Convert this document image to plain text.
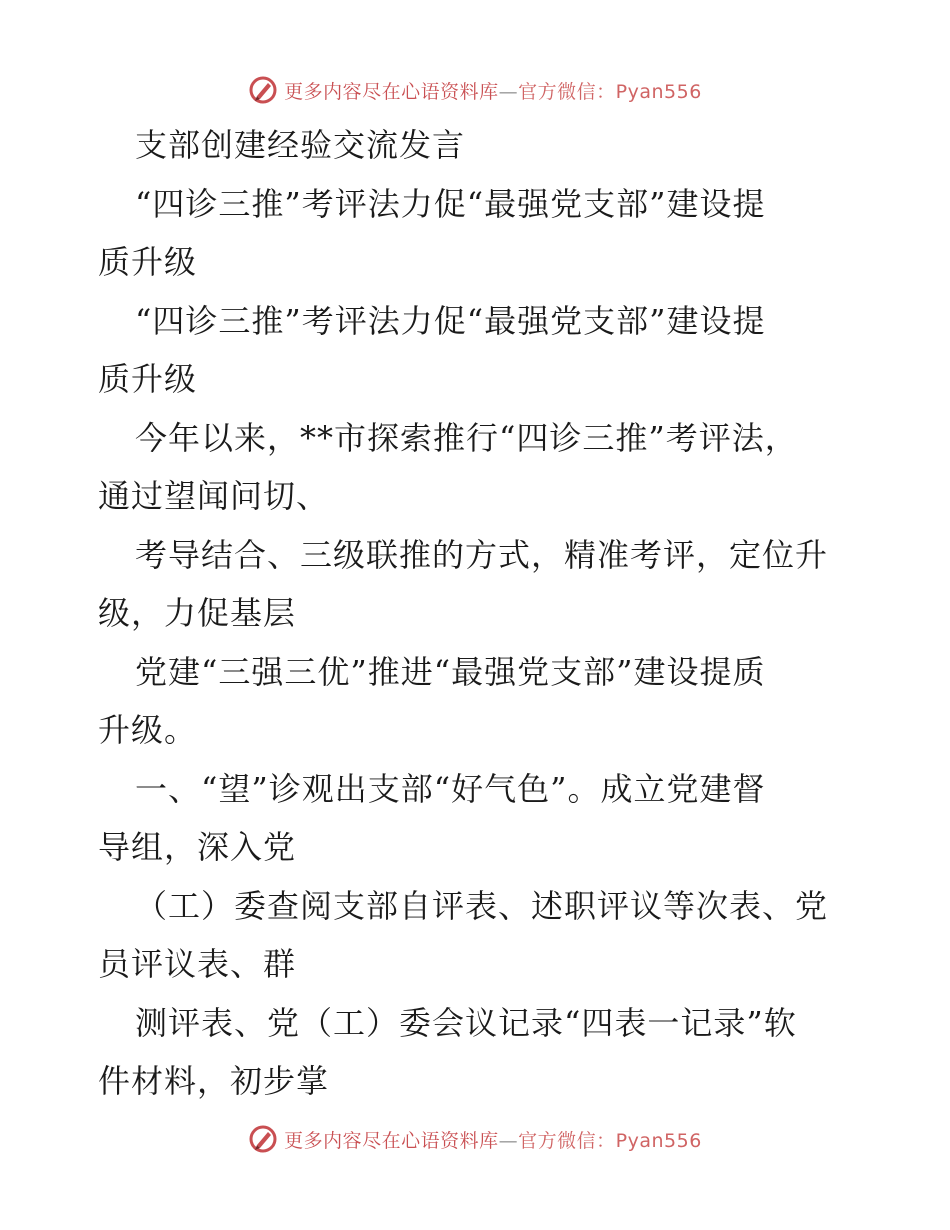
更多内容尽在心语资料库—官方微信：Pyan556
支部创建经验交流发言
“四诊三推”考评法力促“最强党支部”建设提
质升级
“四诊三推”考评法力促“最强党支部”建设提
质升级
今年以来，**市探索推行“四诊三推”考评法，
通过望闻问切、
考导结合、三级联推的方式，精准考评，定位升
级，力促基层
党建“三强三优”推进“最强党支部”建设提质
升级。
一、“望”诊观出支部“好气色”。成立党建督
导组，深入党
（工）委查阅支部自评表、述职评议等次表、党
员评议表、群
测评表、党（工）委会议记录“四表一记录”软
件材料，初步掌
更多内容尽在心语资料库—官方微信：Pyan556
